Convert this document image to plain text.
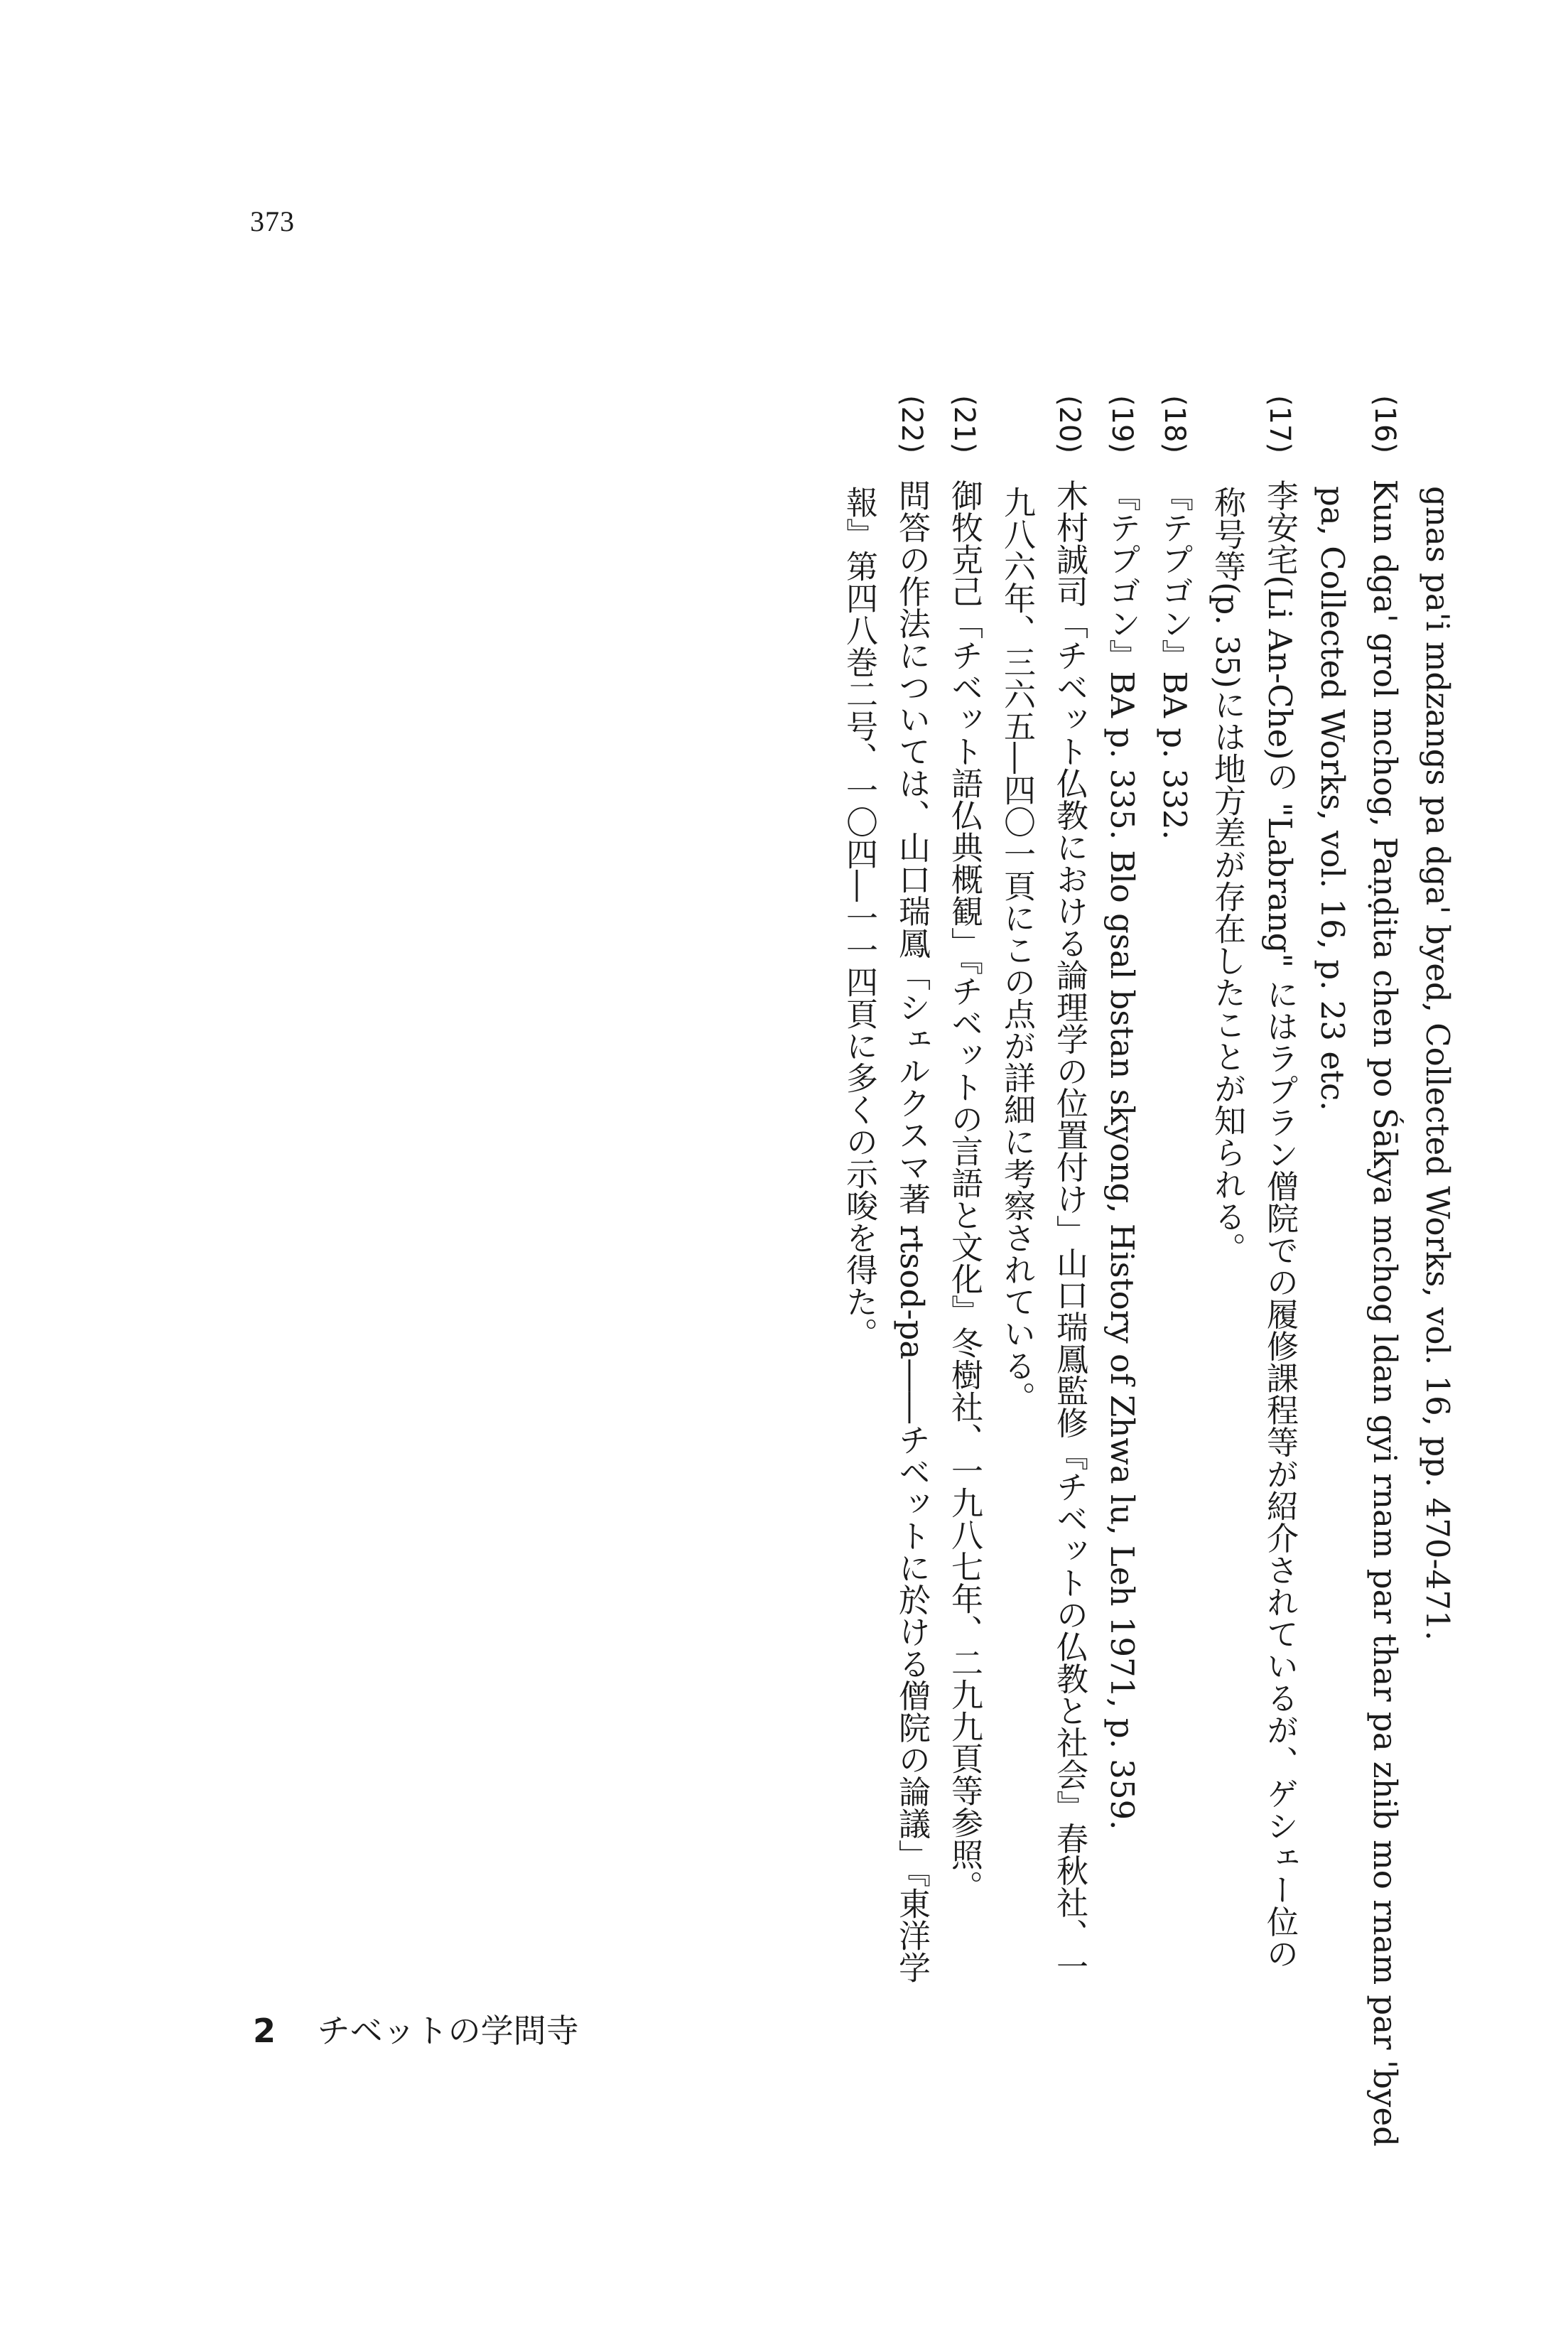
373
gnas pa'i mdzangs pa dga' byed, Collected Works, vol. 16, pp. 470-471.
(16) Kun dga' grol mchog, Paṇḍita chen po Śākya mchog ldan gyi rnam par thar pa zhib mo rnam par 'byed
pa, Collected Works, vol. 16, p. 23 etc.
(17) 李安宅(Li An-Che)の "Labrang" にはラプラン僧院での履修課程等が紹介されているが、ゲシェー位の
称号等(p. 35)には地方差が存在したことが知られる。
(18) 『テプゴン』BA p. 332.
(19) 『テプゴン』BA p. 335. Blo gsal bstan skyong, History of Zhwa lu, Leh 1971, p. 359.
(20) 木村誠司「チベット仏教における論理学の位置付け」山口瑞鳳監修『チベットの仏教と社会』春秋社、一
九八六年、三六五―四〇一頁にこの点が詳細に考察されている。
(21) 御牧克己「チベット語仏典概観」『チベットの言語と文化』冬樹社、一九八七年、二九九頁等参照。
(22) 問答の作法については、山口瑞鳳「シェルクスマ著 rtsod-pa――チベットに於ける僧院の論議」『東洋学
報』第四八巻二号、一〇四―一一四頁に多くの示唆を得た。
2 チベットの学問寺
